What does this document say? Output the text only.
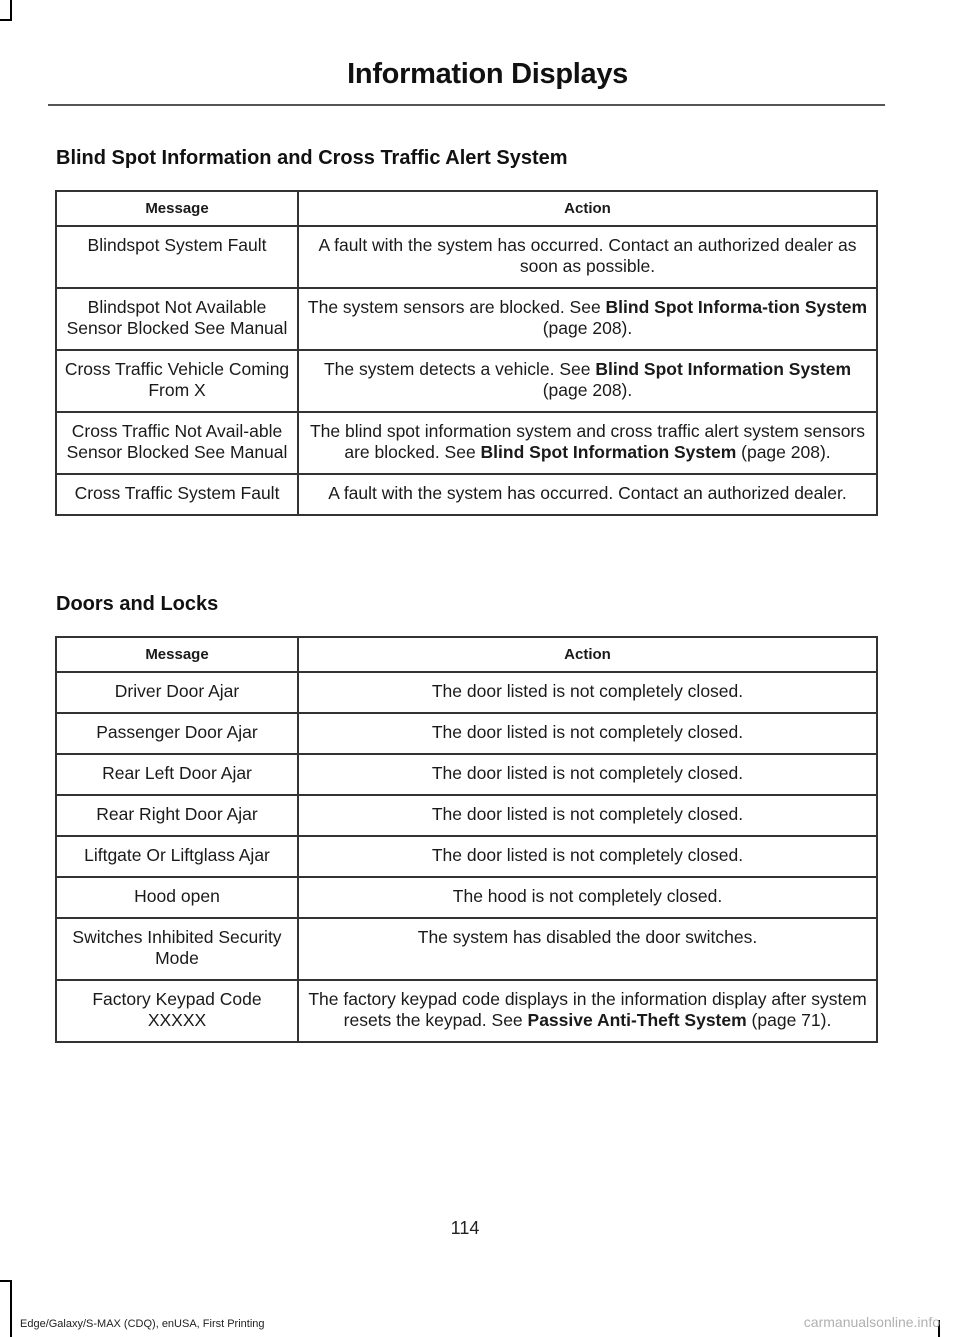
Information Displays
Blind Spot Information and Cross Traffic Alert System
Message	Action
Blindspot System Fault	A fault with the system has occurred. Contact an authorized dealer as soon as possible.
Blindspot Not Available Sensor Blocked See Manual	The system sensors are blocked. See Blind Spot Informa-tion System (page 208).
Cross Traffic Vehicle Coming From X	The system detects a vehicle. See Blind Spot Information System (page 208).
Cross Traffic Not Avail-able Sensor Blocked See Manual	The blind spot information system and cross traffic alert system sensors are blocked. See Blind Spot Information System (page 208).
Cross Traffic System Fault	A fault with the system has occurred. Contact an authorized dealer.
Doors and Locks
Message	Action
Driver Door Ajar	The door listed is not completely closed.
Passenger Door Ajar	The door listed is not completely closed.
Rear Left Door Ajar	The door listed is not completely closed.
Rear Right Door Ajar	The door listed is not completely closed.
Liftgate Or Liftglass Ajar	The door listed is not completely closed.
Hood open	The hood is not completely closed.
Switches Inhibited Security Mode	The system has disabled the door switches.
Factory Keypad Code XXXXX	The factory keypad code displays in the information display after system resets the keypad. See Passive Anti-Theft System (page 71).
114
Edge/Galaxy/S-MAX (CDQ), enUSA, First Printing	carmanualsonline.info
